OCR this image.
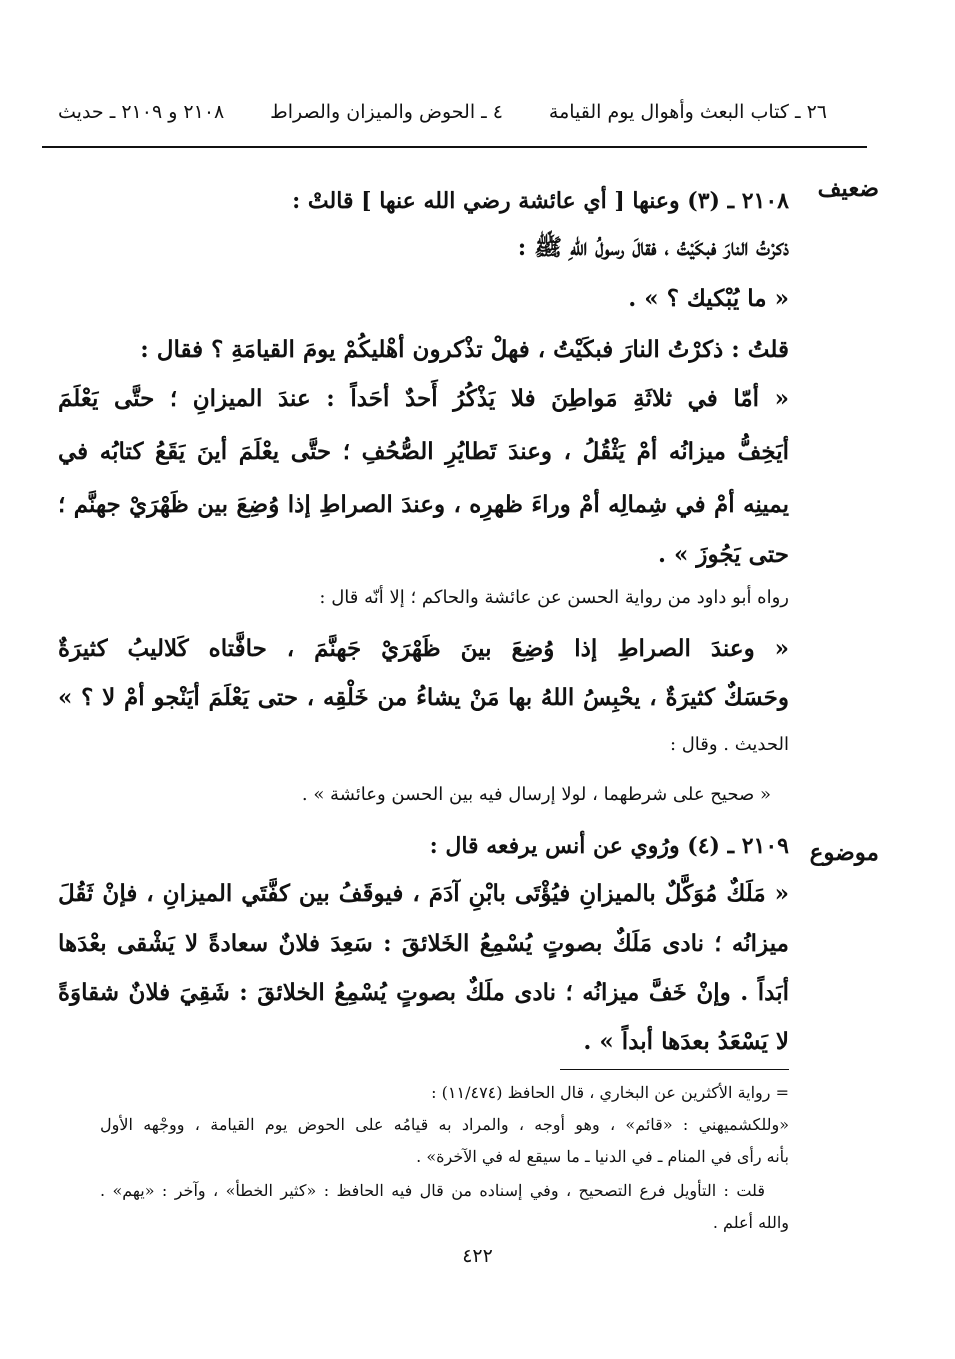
٢٦ ـ كتاب البعث وأهوال يوم القيامة
٤ ـ الحوض والميزان والصراط
٢١٠٨ و ٢١٠٩ ـ حديث
ضعيف
٢١٠٨ ـ (٣) وعنها [ أي عائشة رضي الله عنها ] قالتْ :
ذكرْتُ النارَ فبكَيْتُ ، فقالَ رسولُ اللهِ ﷺ :
« ما يُبْكيك ؟ » .
قلتُ : ذكرْتُ النارَ فبكَيْتُ ، فهلْ تذْكرون أهْليكُمْ يومَ القيامَةِ ؟ فقال :
« أمّا في ثلاثَةِ مَواطِنَ فلا يَذْكُرُ أَحدٌ أحَداً : عندَ الميزانِ ؛ حتَّى يَعْلَمَ
أيَخِفُّ ميزانُه أمْ يَثْقُلُ ، وعندَ تَطايُرِ الصُّحُفِ ؛ حتَّى يعْلَمَ أينَ يَقَعُ كتابُه في
يمينِه أمْ في شِمالِه أمْ وراءَ ظهرِه ، وعندَ الصراطِ إذا وُضِعَ بين ظَهْرَيْ جهنَّم ؛
حتى يَجُوزَ » .
رواه أبو داود من رواية الحسن عن عائشة والحاكم ؛ إلا أنّه قال :
« وعندَ الصراطِ إذا وُضِعَ بينَ ظَهْرَيْ جَهنَّمَ ، حافَّتاه كَلاليبُ كثيرَةٌ
وحَسَكٌ كثيرَةٌ ، يحْبِسُ اللهُ بها مَنْ يشاءُ من خَلْقِه ، حتى يَعْلَمَ أيَنْجو أمْ لا ؟ »
الحديث . وقال :
« صحيح على شرطهما ، لولا إرسال فيه بين الحسن وعائشة » .
موضوع
٢١٠٩ ـ (٤) ورُوي عن أنس يرفعه قال :
« مَلَكٌ مُوَكَّلٌ بالميزانِ فيُؤْتَى بابْنِ آدَمَ ، فيوقَفُ بين كفَّتَي الميزانِ ، فإنْ ثَقُلَ
ميزانُه ؛ نادى مَلَكٌ بصوتٍ يُسْمِعُ الخَلائقَ : سَعِدَ فلانٌ سعادةً لا يَشْقى بعْدَها
أبَداً . وإنْ خَفَّ ميزانُه ؛ نادى ملَكٌ بصوتٍ يُسْمِعُ الخلائقَ : شَقِيَ فلانٌ شقاوَةً
لا يَسْعَدُ بعدَها أبداً » .
= رواية الأكثرين عن البخاري ، قال الحافظ (١١/٤٧٤) :
«وللكشميهني : «قائم» ، وهو أوجه ، والمراد به قيامُه على الحوض يوم القيامة ، ووجْهه الأول
بأنه رأى في المنام ـ في الدنيا ـ ما سيقع له في الآخرة» .
قلت : التأويل فرع التصحيح ، وفي إسناده من قال فيه الحافظ : «كثير الخطأ» ، وآخر : «يهم» .
والله أعلم .
٤٢٢
